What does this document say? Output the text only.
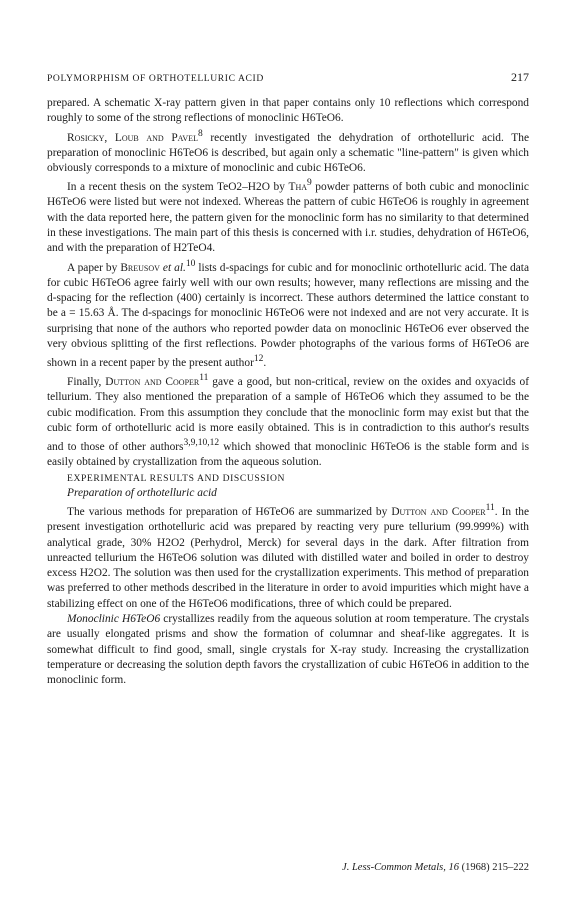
POLYMORPHISM OF ORTHOTELLURIC ACID	217

prepared. A schematic X-ray pattern given in that paper contains only 10 reflections which correspond roughly to some of the strong reflections of monoclinic H6TeO6.

Rosicky, Loub and Pavel$^8$ recently investigated the dehydration of orthotelluric acid. The preparation of monoclinic H6TeO6 is described, but again only a schematic "line-pattern" is given which obviously corresponds to a mixture of monoclinic and cubic H6TeO6.

In a recent thesis on the system TeO2–H2O by Tha$^9$ powder patterns of both cubic and monoclinic H6TeO6 were listed but were not indexed. Whereas the pattern of cubic H6TeO6 is roughly in agreement with the data reported here, the pattern given for the monoclinic form has no similarity to that determined in these investigations. The main part of this thesis is concerned with i.r. studies, dehydration of H6TeO6, and with the preparation of H2TeO4.

A paper by Breusov et al.$^{10}$ lists d-spacings for cubic and for monoclinic orthotelluric acid. The data for cubic H6TeO6 agree fairly well with our own results; however, many reflections are missing and the d-spacing for the reflection (400) certainly is incorrect. These authors determined the lattice constant to be a = 15.63 Å. The d-spacings for monoclinic H6TeO6 were not indexed and are not very accurate. It is surprising that none of the authors who reported powder data on monoclinic H6TeO6 ever observed the very obvious splitting of the first reflections. Powder photographs of the various forms of H6TeO6 are shown in a recent paper by the present author$^{12}$.

Finally, Dutton and Cooper$^{11}$ gave a good, but non-critical, review on the oxides and oxyacids of tellurium. They also mentioned the preparation of a sample of H6TeO6 which they assumed to be the cubic modification. From this assumption they conclude that the monoclinic form may exist but that the cubic form of orthotelluric acid is more easily obtained. This is in contradiction to this author's results and to those of other authors$^{3,9,10,12}$ which showed that monoclinic H6TeO6 is the stable form and is easily obtained by crystallization from the aqueous solution.

EXPERIMENTAL RESULTS AND DISCUSSION

Preparation of orthotelluric acid

The various methods for preparation of H6TeO6 are summarized by Dutton and Cooper$^{11}$. In the present investigation orthotelluric acid was prepared by reacting very pure tellurium (99.999%) with analytical grade, 30% H2O2 (Perhydrol, Merck) for several days in the dark. After filtration from unreacted tellurium the H6TeO6 solution was diluted with distilled water and boiled in order to destroy excess H2O2. The solution was then used for the crystallization experiments. This method of preparation was preferred to other methods described in the literature in order to avoid impurities which might have a stabilizing effect on one of the H6TeO6 modifications, three of which could be prepared.

Monoclinic H6TeO6 crystallizes readily from the aqueous solution at room temperature. The crystals are usually elongated prisms and show the formation of columnar and sheaf-like aggregates. It is somewhat difficult to find good, small, single crystals for X-ray study. Increasing the crystallization temperature or decreasing the solution depth favors the crystallization of cubic H6TeO6 in addition to the monoclinic form.

J. Less-Common Metals, 16 (1968) 215–222
